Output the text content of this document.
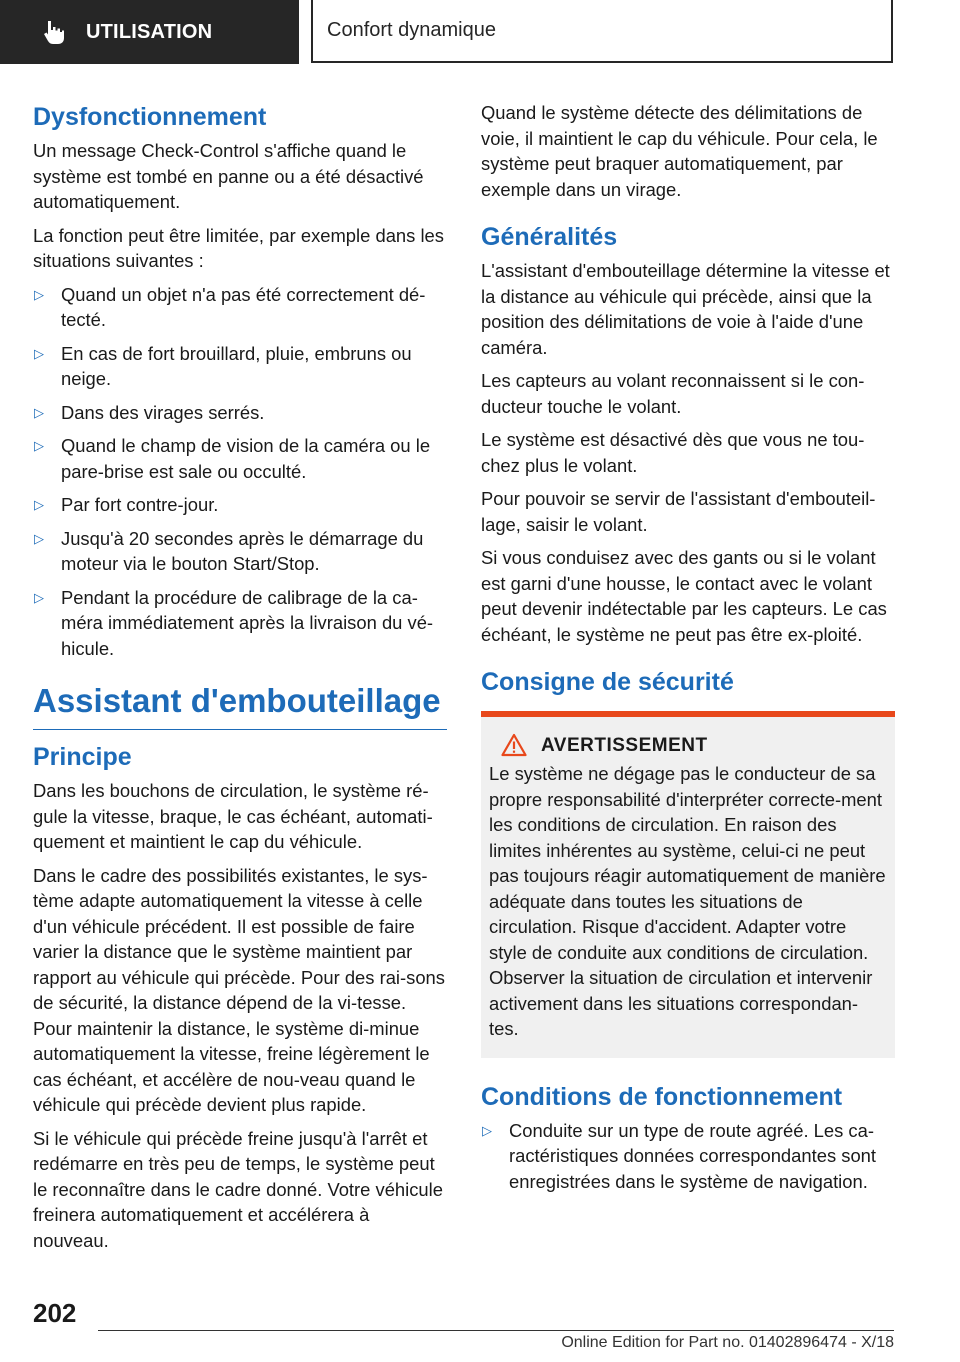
UTILISATION	Confort dynamique
Dysfonctionnement

Un message Check-Control s'affiche quand le système est tombé en panne ou a été désactivé automatiquement.

La fonction peut être limitée, par exemple dans les situations suivantes :

▷ Quand un objet n'a pas été correctement dé‐tecté.
▷ En cas de fort brouillard, pluie, embruns ou neige.
▷ Dans des virages serrés.
▷ Quand le champ de vision de la caméra ou le pare-brise est sale ou occulté.
▷ Par fort contre-jour.
▷ Jusqu'à 20 secondes après le démarrage du moteur via le bouton Start/Stop.
▷ Pendant la procédure de calibrage de la ca‐méra immédiatement après la livraison du vé‐hicule.
Assistant d'embouteillage
Principe

Dans les bouchons de circulation, le système ré‐gule la vitesse, braque, le cas échéant, automati‐quement et maintient le cap du véhicule.

Dans le cadre des possibilités existantes, le sys‐tème adapte automatiquement la vitesse à celle d'un véhicule précédent. Il est possible de faire varier la distance que le système maintient par rapport au véhicule qui précède. Pour des rai‐sons de sécurité, la distance dépend de la vi‐tesse. Pour maintenir la distance, le système di‐minue automatiquement la vitesse, freine légèrement le cas échéant, et accélère de nou‐veau quand le véhicule qui précède devient plus rapide.

Si le véhicule qui précède freine jusqu'à l'arrêt et redémarre en très peu de temps, le système peut le reconnaître dans le cadre donné. Votre véhicule freinera automatiquement et accélérera à nouveau.

Quand le système détecte des délimitations de voie, il maintient le cap du véhicule. Pour cela, le système peut braquer automatiquement, par exemple dans un virage.

Généralités

L'assistant d'embouteillage détermine la vitesse et la distance au véhicule qui précède, ainsi que la position des délimitations de voie à l'aide d'une caméra.

Les capteurs au volant reconnaissent si le con‐ducteur touche le volant.

Le système est désactivé dès que vous ne tou‐chez plus le volant.

Pour pouvoir se servir de l'assistant d'embouteil‐lage, saisir le volant.

Si vous conduisez avec des gants ou si le volant est garni d'une housse, le contact avec le volant peut devenir indétectable par les capteurs. Le cas échéant, le système ne peut pas être ex‐ploité.

Consigne de sécurité
AVERTISSEMENT

Le système ne dégage pas le conducteur de sa propre responsabilité d'interpréter correcte‐ment les conditions de circulation. En raison des limites inhérentes au système, celui-ci ne peut pas toujours réagir automatiquement de manière adéquate dans toutes les situations de circulation. Risque d'accident. Adapter votre style de conduite aux conditions de circulation. Observer la situation de circulation et intervenir activement dans les situations correspondan‐tes.

Conditions de fonctionnement
▷ Conduite sur un type de route agréé. Les ca‐ractéristiques données correspondantes sont enregistrées dans le système de navigation.
202
Online Edition for Part no. 01402896474 - X/18
